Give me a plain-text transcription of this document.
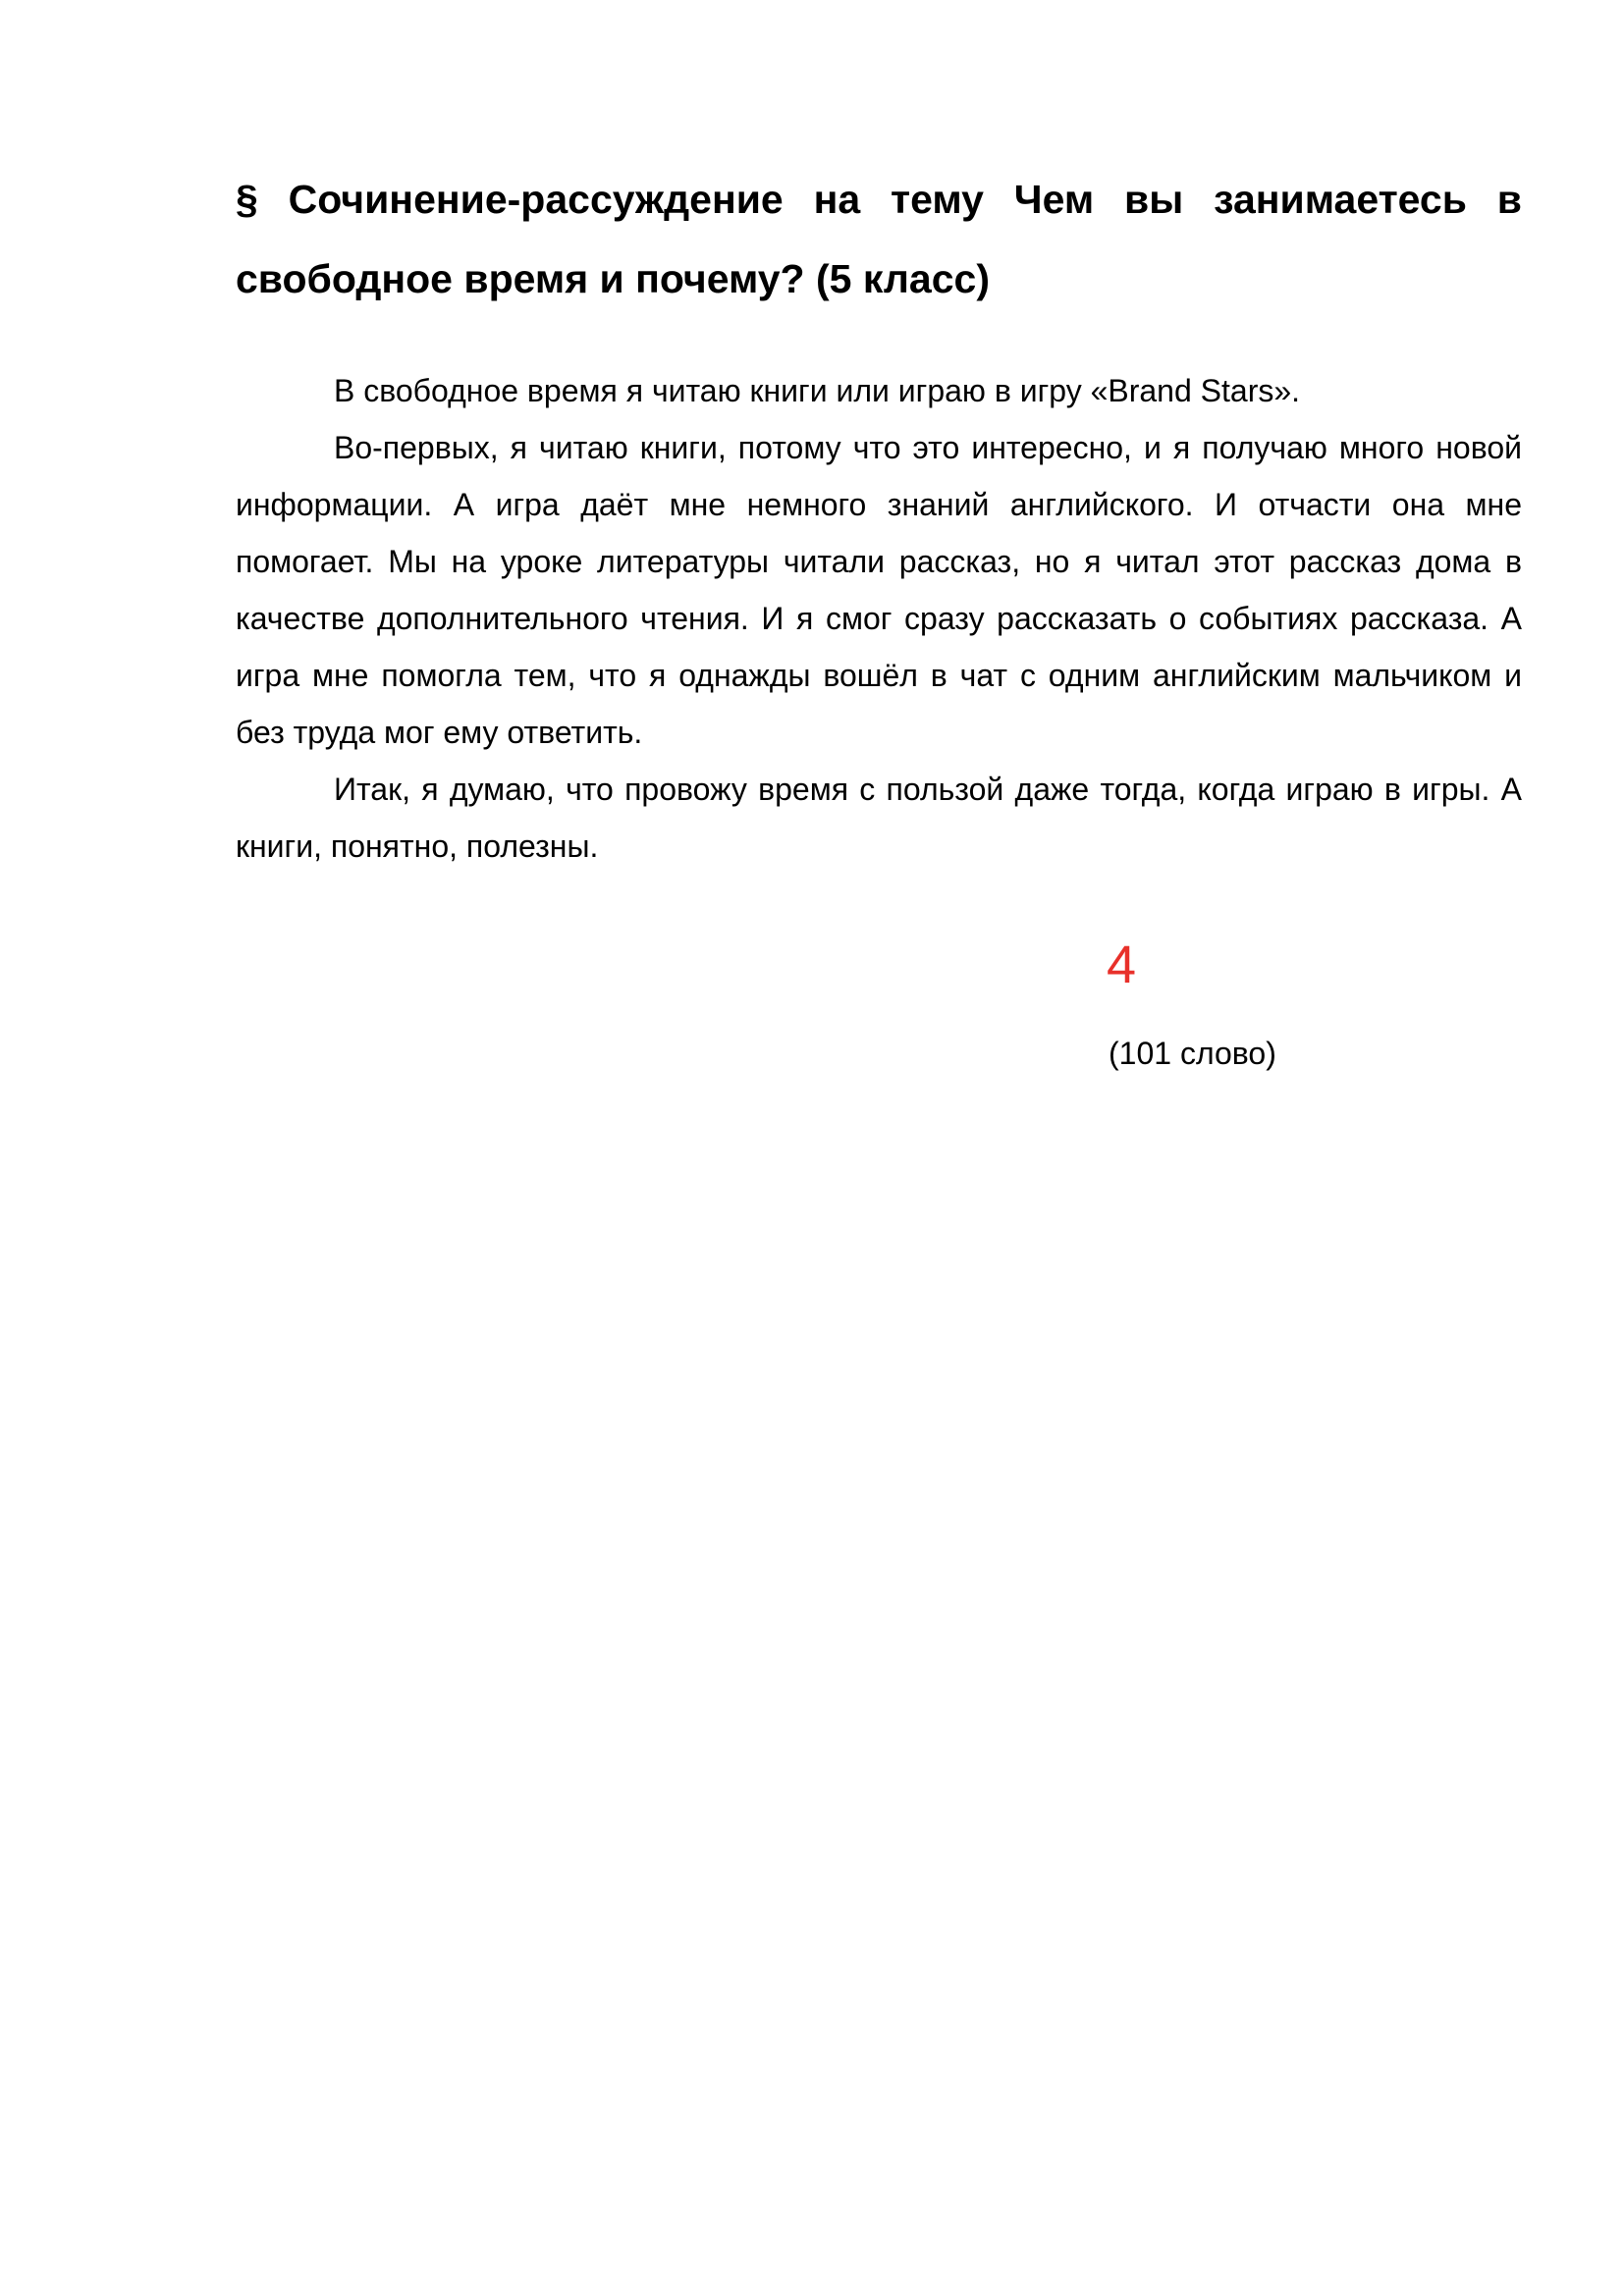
§ Сочинение-рассуждение на тему Чем вы занимаетесь в свободное время и почему? (5 класс)

В свободное время я читаю книги или играю в игру «Brand Stars».

Во-первых, я читаю книги, потому что это интересно, и я получаю много новой информации. А игра даёт мне немного знаний английского. И отчасти она мне помогает. Мы на уроке литературы читали рассказ, но я читал этот рассказ дома в качестве дополнительного чтения. И я смог сразу рассказать о событиях рассказа. А игра мне помогла тем, что я однажды вошёл в чат с одним английским мальчиком и без труда мог ему ответить.

Итак, я думаю, что провожу время с пользой даже тогда, когда играю в игры. А книги, понятно, полезны.

4
(101 слово)
